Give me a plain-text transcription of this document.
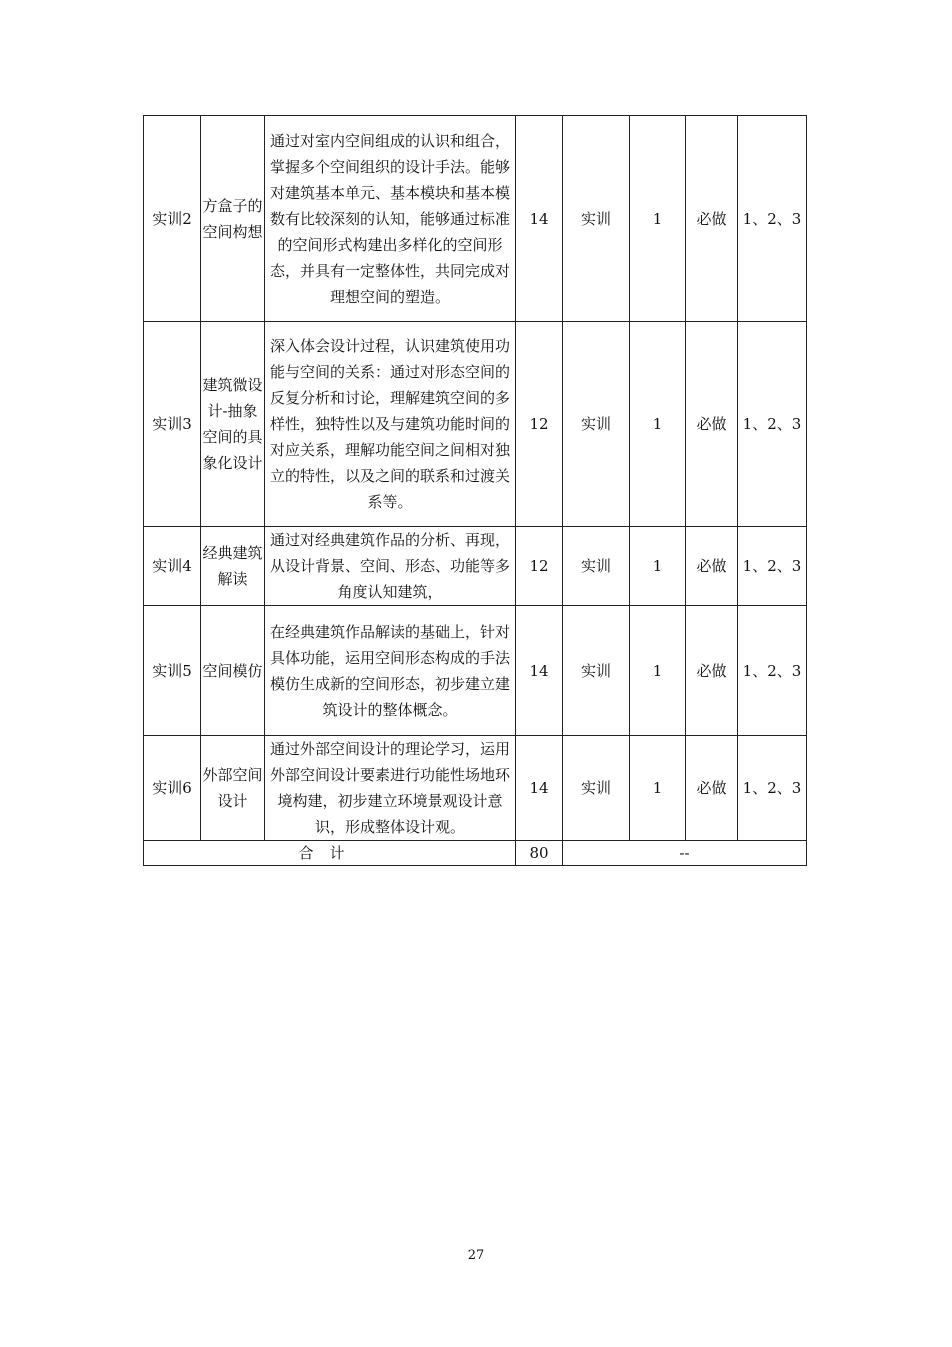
实训2	方盒子的空间构想	通过对室内空间组成的认识和组合，掌握多个空间组织的设计手法。能够对建筑基本单元、基本模块和基本模数有比较深刻的认知，能够通过标准的空间形式构建出多样化的空间形态，并具有一定整体性，共同完成对理想空间的塑造。	14	实训	1	必做	1、2、3
实训3	建筑微设计-抽象空间的具象化设计	深入体会设计过程，认识建筑使用功能与空间的关系：通过对形态空间的反复分析和讨论，理解建筑空间的多样性，独特性以及与建筑功能时间的对应关系，理解功能空间之间相对独立的特性，以及之间的联系和过渡关系等。	12	实训	1	必做	1、2、3
实训4	经典建筑解读	通过对经典建筑作品的分析、再现，从设计背景、空间、形态、功能等多角度认知建筑，	12	实训	1	必做	1、2、3
实训5	空间模仿	在经典建筑作品解读的基础上，针对具体功能，运用空间形态构成的手法模仿生成新的空间形态，初步建立建筑设计的整体概念。	14	实训	1	必做	1、2、3
实训6	外部空间设计	通过外部空间设计的理论学习，运用外部空间设计要素进行功能性场地环境构建，初步建立环境景观设计意识，形成整体设计观。	14	实训	1	必做	1、2、3
合计			80	--			
27
